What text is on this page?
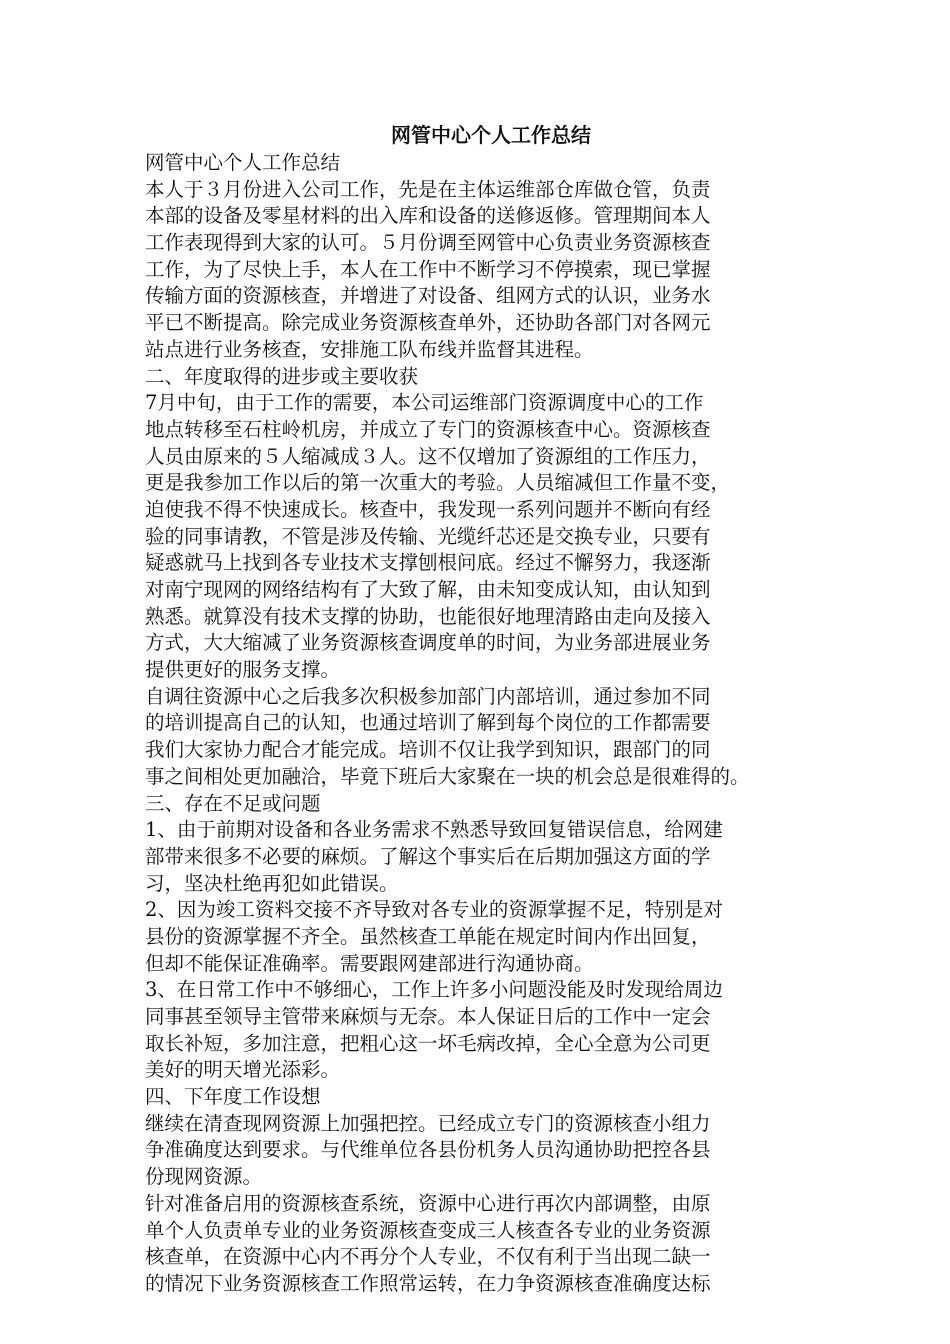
网管中心个人工作总结
网管中心个人工作总结
本人于３月份进入公司工作，先是在主体运维部仓库做仓管，负责
本部的设备及零星材料的出入库和设备的送修返修。管理期间本人
工作表现得到大家的认可。５月份调至网管中心负责业务资源核查
工作，为了尽快上手，本人在工作中不断学习不停摸索，现已掌握
传输方面的资源核查，并增进了对设备、组网方式的认识，业务水
平已不断提高。除完成业务资源核查单外，还协助各部门对各网元
站点进行业务核查，安排施工队布线并监督其进程。
二、年度取得的进步或主要收获
7月中旬，由于工作的需要，本公司运维部门资源调度中心的工作
地点转移至石柱岭机房，并成立了专门的资源核查中心。资源核查
人员由原来的５人缩减成３人。这不仅增加了资源组的工作压力，
更是我参加工作以后的第一次重大的考验。人员缩减但工作量不变，
迫使我不得不快速成长。核查中，我发现一系列问题并不断向有经
验的同事请教，不管是涉及传输、光缆纤芯还是交换专业，只要有
疑惑就马上找到各专业技术支撑刨根问底。经过不懈努力，我逐渐
对南宁现网的网络结构有了大致了解，由未知变成认知，由认知到
熟悉。就算没有技术支撑的协助，也能很好地理清路由走向及接入
方式，大大缩减了业务资源核查调度单的时间，为业务部进展业务
提供更好的服务支撑。
自调往资源中心之后我多次积极参加部门内部培训，通过参加不同
的培训提高自己的认知，也通过培训了解到每个岗位的工作都需要
我们大家协力配合才能完成。培训不仅让我学到知识，跟部门的同
事之间相处更加融洽，毕竟下班后大家聚在一块的机会总是很难得的。
三、存在不足或问题
1、由于前期对设备和各业务需求不熟悉导致回复错误信息，给网建
部带来很多不必要的麻烦。了解这个事实后在后期加强这方面的学
习，坚决杜绝再犯如此错误。
2、因为竣工资料交接不齐导致对各专业的资源掌握不足，特别是对
县份的资源掌握不齐全。虽然核查工单能在规定时间内作出回复，
但却不能保证准确率。需要跟网建部进行沟通协商。
3、在日常工作中不够细心，工作上许多小问题没能及时发现给周边
同事甚至领导主管带来麻烦与无奈。本人保证日后的工作中一定会
取长补短，多加注意，把粗心这一坏毛病改掉，全心全意为公司更
美好的明天增光添彩。
四、下年度工作设想
继续在清查现网资源上加强把控。已经成立专门的资源核查小组力
争准确度达到要求。与代维单位各县份机务人员沟通协助把控各县
份现网资源。
针对准备启用的资源核查系统，资源中心进行再次内部调整，由原
单个人负责单专业的业务资源核查变成三人核查各专业的业务资源
核查单，在资源中心内不再分个人专业，不仅有利于当出现二缺一
的情况下业务资源核查工作照常运转，在力争资源核查准确度达标
